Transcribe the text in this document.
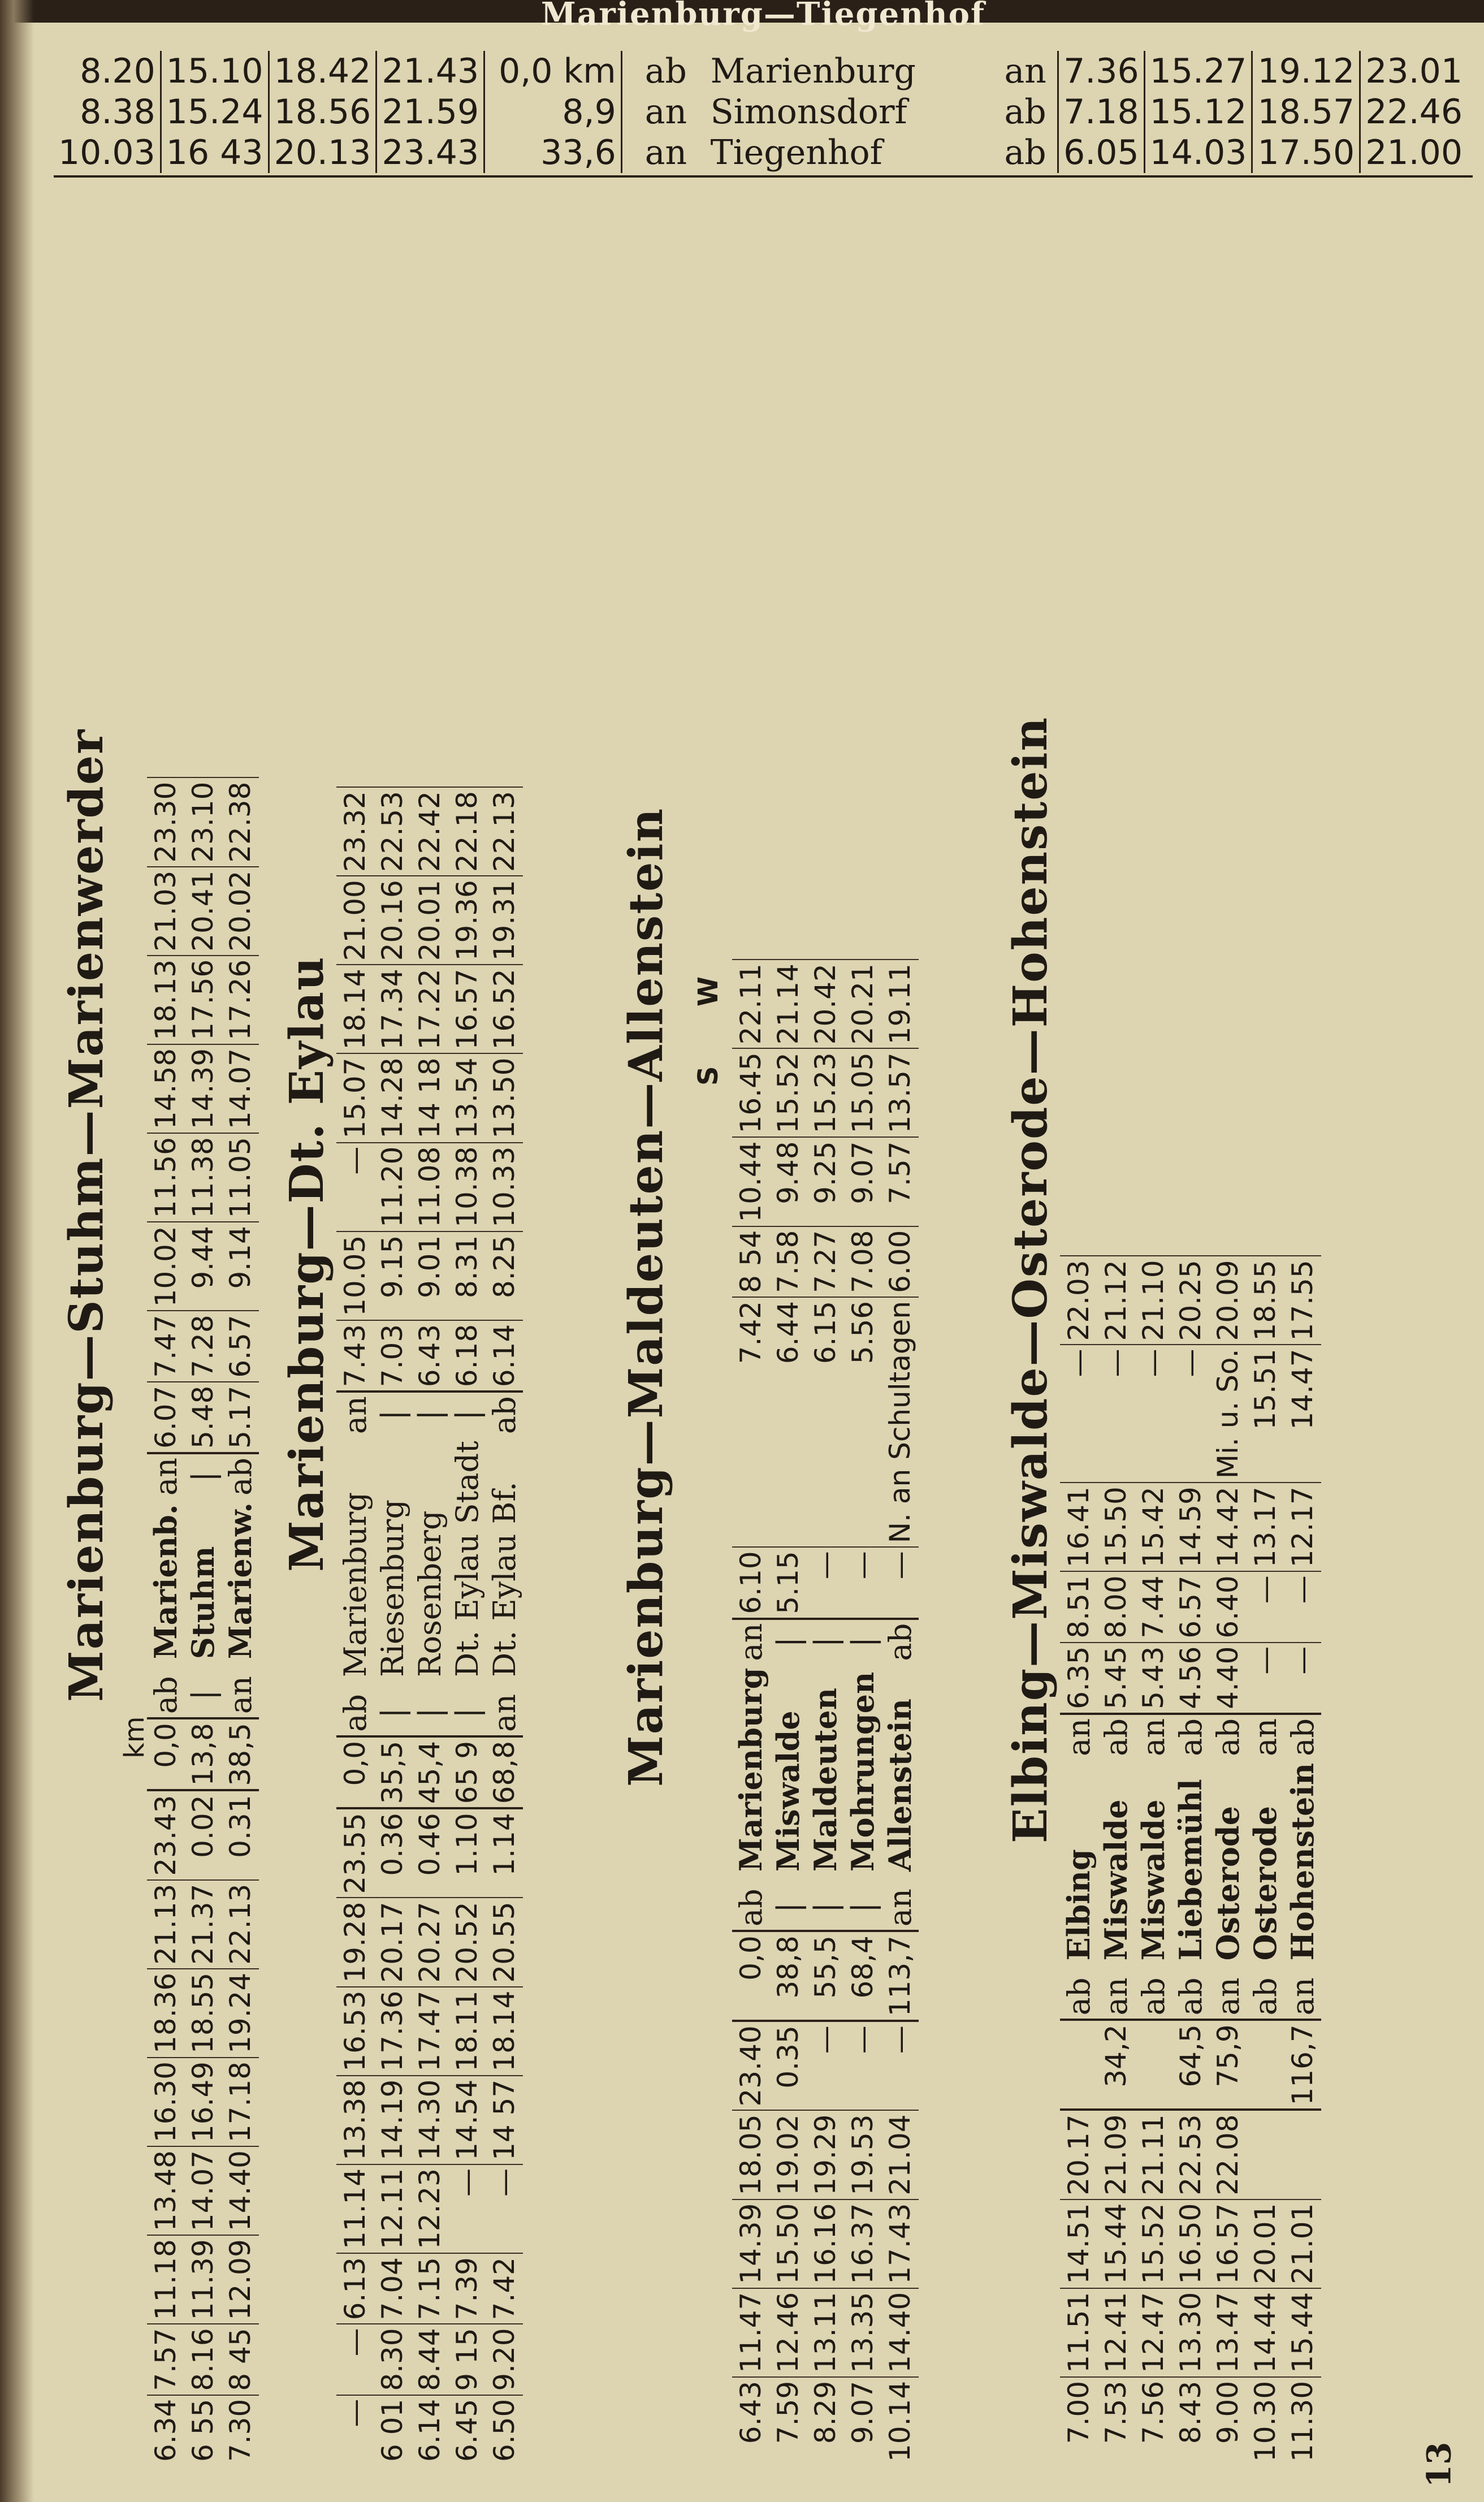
Marienburg—Tiegenhof
8.20	15.10	18.42	21.43	0,0 km	ab	Marienburg	an	7.36	15.27	19.12	23.01
8.38	15.24	18.56	21.59	8,9	an	Simonsdorf	ab	7.18	15.12	18.57	22.46
10.03	16 43	20.13	23.43	33,6	an	Tiegenhof	ab	6.05	14.03	17.50	21.00
Marienburg—Stuhm—Marienwerder
km
6.34	7.57	11.18	13.48	16.30	18.36	21.13	23.43	0,0	ab	Marienb.	an	6.07	7.47	10.02	11.56	14.58	18.13	21.03	23.30
6 55	8.16	11.39	14.07	16.49	18.55	21.37	0.02	13,8	|	Stuhm	|	5.48	7.28	9.44	11.38	14.39	17.56	20.41	23.10
7.30	8 45	12.09	14.40	17.18	19.24	22.13	0.31	38,5	an	Marienw.	ab	5.17	6.57	9.14	11.05	14.07	17.26	20.02	22.38
Marienburg—Dt. Eylau
—	—	6.13	11.14	13.38	16.53	19.28	23.55	0,0	ab	Marienburg	an	7.43	10.05	—	15.07	18.14	21.00	23.32
6 01	8.30	7.04	12.11	14.19	17.36	20.17	0.36	35,5	|	Riesenburg	|	7.03	9.15	11.20	14.28	17.34	20.16	22.53
6.14	8.44	7.15	12.23	14.30	17.47	20.27	0.46	45,4	|	Rosenberg	|	6.43	9.01	11.08	14 18	17.22	20.01	22.42
6.45	9 15	7.39	—	14.54	18.11	20.52	1.10	65 9	|	Dt. Eylau Stadt	|	6.18	8.31	10.38	13.54	16.57	19.36	22.18
6.50	9.20	7.42	—	14 57	18.14	20.55	1.14	68,8	an	Dt. Eylau Bf.	ab	6.14	8.25	10.33	13.50	16.52	19.31	22.13 Marienburg—Maldeuten—Allenstein S
W
6.43	11.47	14.39	18.05	23.40	0,0	ab	Marienburg	an	6.10	7.42	8 54	10.44	16.45	22.11
7.59	12.46	15.50	19.02	0.35	38,8	|	Miswalde	|	5.15	6.44	7.58	9.48	15.52	21.14
8.29	13.11	16.16	19.29	—	55,5	|	Maldeuten	|	—	6.15	7.27	9.25	15.23	20.42
9.07	13.35	16.37	19.53	—	68,4	|	Mohrungen	|	—	5.56	7.08	9.07	15.05	20.21
10.14	14.40	17.43	21.04	—	113,7	an	Allenstein	ab	—	N. an Schultagen	6.00	7.57	13.57	19.11 Elbing—Miswalde—Osterode—Hohenstein
7.00	11.51	14.51	20.17		ab	Elbing	an	6.35	8.51	16.41	—	22.03
7.53	12.41	15.44	21.09	34,2	an	Miswalde	ab	5.45	8.00	15.50	—	21.12
7.56	12.47	15.52	21.11		ab	Miswalde	an	5.43	7.44	15.42	—	21.10
8.43	13.30	16.50	22.53	64,5	ab	Liebemühl	ab	4.56	6.57	14.59	—	20.25
9.00	13.47	16.57	22.08	75,9	an	Osterode	ab	4.40	6.40	14.42	Mi. u. So.	20.09
10.30	14.44	20.01			ab	Osterode	an	—	—	13.17	15.51	18.55
11.30	15.44	21.01		116,7	an	Hohenstein	ab	—	—	12.17	14.47	17.55
13
